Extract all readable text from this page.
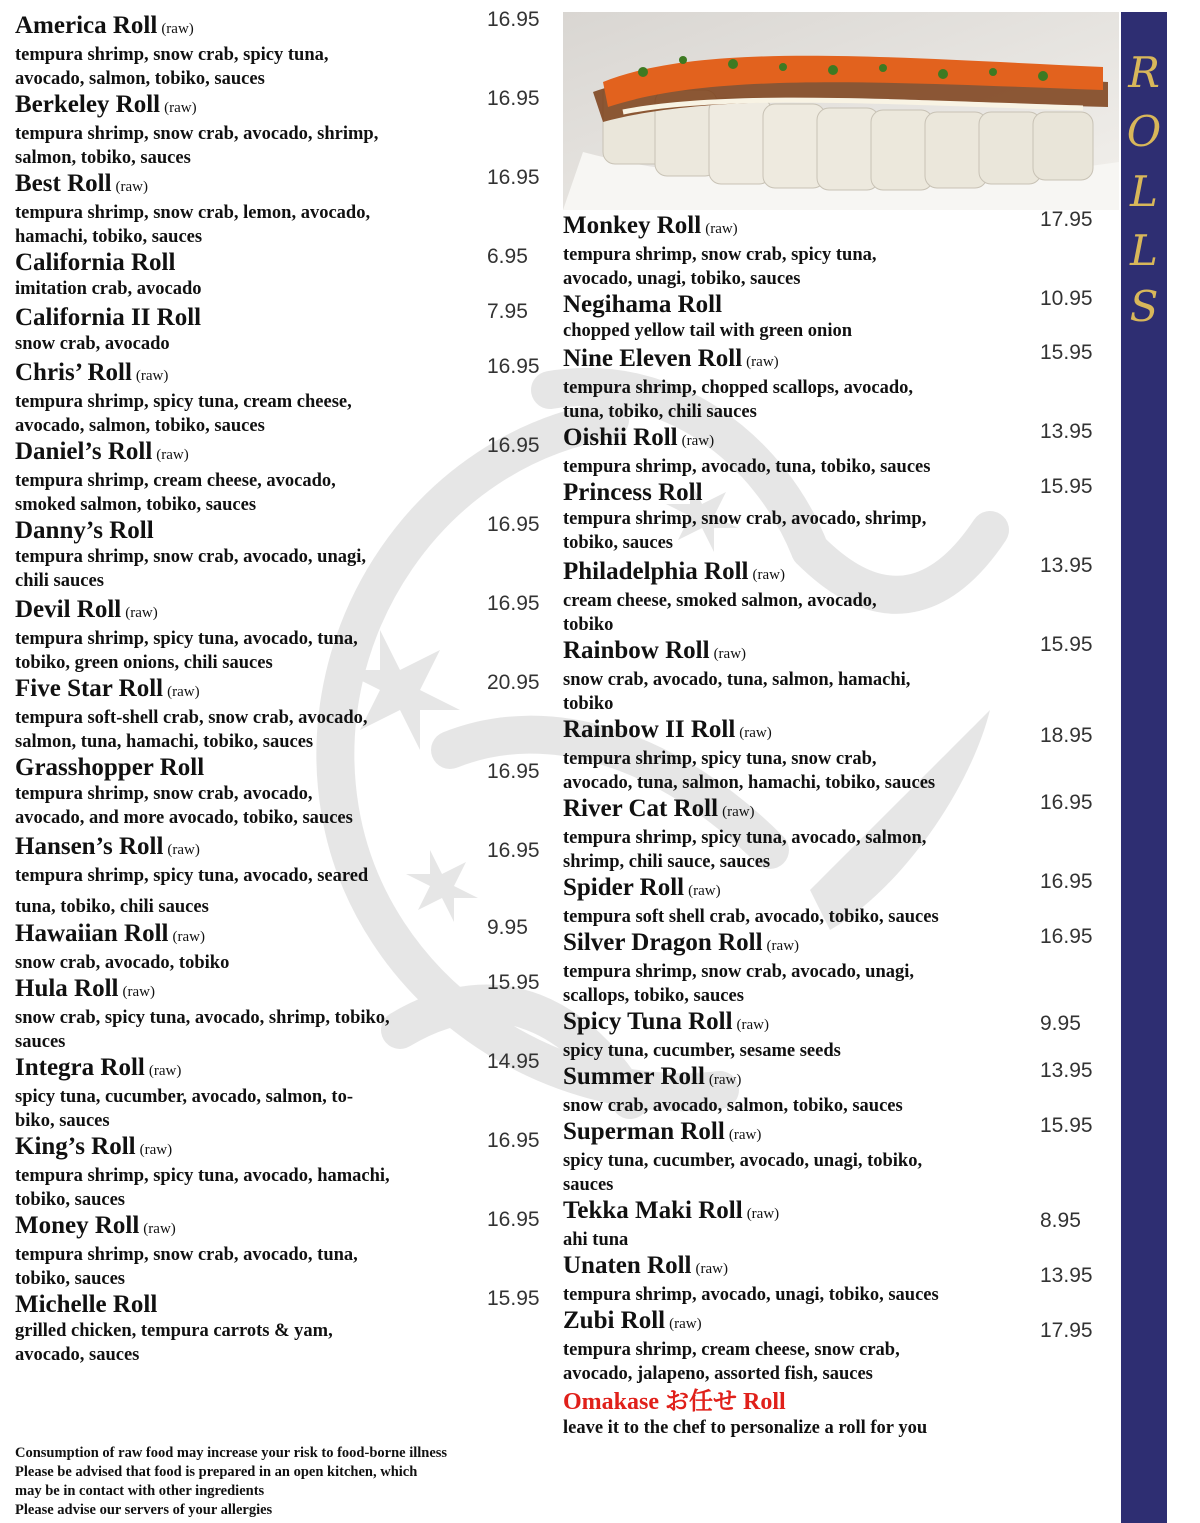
R
O
L
L
S
America Roll (raw)
tempura shrimp, snow crab, spicy tuna,
avocado, salmon, tobiko, sauces
16.95
Berkeley Roll (raw)
tempura shrimp, snow crab, avocado, shrimp,
salmon, tobiko, sauces
16.95
Best Roll (raw)
tempura shrimp, snow crab, lemon, avocado,
hamachi, tobiko, sauces
16.95
California Roll
imitation crab, avocado
6.95
California II Roll
snow crab, avocado
7.95
Chris’ Roll (raw)
tempura shrimp, spicy tuna, cream cheese,
avocado, salmon, tobiko, sauces
16.95
Daniel’s Roll (raw)
tempura shrimp, cream cheese, avocado,
smoked salmon, tobiko, sauces
16.95
Danny’s Roll
tempura shrimp, snow crab, avocado, unagi,
chili sauces
16.95
Devil Roll (raw)
tempura shrimp, spicy tuna, avocado, tuna,
tobiko, green onions, chili sauces
16.95
Five Star Roll (raw)
tempura soft-shell crab, snow crab, avocado,
salmon, tuna, hamachi, tobiko, sauces
20.95
Grasshopper Roll
tempura shrimp, snow crab, avocado,
avocado, and more avocado, tobiko, sauces
16.95
Hansen’s Roll (raw)
tempura shrimp, spicy tuna, avocado, seared
tuna, tobiko, chili sauces
16.95
Hawaiian Roll (raw)
snow crab, avocado, tobiko
9.95
Hula Roll (raw)
snow crab, spicy tuna, avocado, shrimp, tobiko,
sauces
15.95
Integra Roll (raw)
spicy tuna, cucumber, avocado, salmon, to-
biko, sauces
14.95
King’s Roll (raw)
tempura shrimp, spicy tuna, avocado, hamachi,
tobiko, sauces
16.95
Money Roll (raw)
tempura shrimp, snow crab, avocado, tuna,
tobiko, sauces
16.95
Michelle Roll
grilled chicken, tempura carrots & yam,
avocado, sauces
15.95
Monkey Roll (raw)
tempura shrimp, snow crab, spicy tuna,
avocado, unagi, tobiko, sauces
17.95
Negihama Roll
chopped yellow tail with green onion
10.95
Nine Eleven Roll (raw)
tempura shrimp, chopped scallops, avocado,
tuna, tobiko, chili sauces
15.95
Oishii Roll (raw)
tempura shrimp, avocado, tuna, tobiko, sauces
13.95
Princess Roll
tempura shrimp, snow crab, avocado, shrimp,
tobiko, sauces
15.95
Philadelphia Roll (raw)
cream cheese, smoked salmon, avocado,
tobiko
13.95
Rainbow Roll (raw)
snow crab, avocado, tuna, salmon, hamachi,
tobiko
15.95
Rainbow II Roll (raw)
tempura shrimp, spicy tuna, snow crab,
avocado, tuna, salmon, hamachi, tobiko, sauces
18.95
River Cat Roll (raw)
tempura shrimp, spicy tuna, avocado, salmon,
shrimp, chili sauce, sauces
16.95
Spider Roll (raw)
tempura soft shell crab, avocado, tobiko, sauces
16.95
Silver Dragon Roll (raw)
tempura shrimp, snow crab, avocado, unagi,
scallops, tobiko, sauces
16.95
Spicy Tuna Roll (raw)
spicy tuna, cucumber, sesame seeds
9.95
Summer Roll (raw)
snow crab, avocado, salmon, tobiko, sauces
13.95
Superman Roll (raw)
spicy tuna, cucumber, avocado, unagi, tobiko,
sauces
15.95
Tekka Maki Roll (raw)
ahi tuna
8.95
Unaten Roll (raw)
tempura shrimp, avocado, unagi, tobiko, sauces
13.95
Zubi Roll (raw)
tempura shrimp, cream cheese, snow crab,
avocado, jalapeno, assorted fish, sauces
17.95
Omakase お任せ Roll
leave it to the chef to personalize a roll for you
Consumption of raw food may increase your risk to food-borne illness
Please be advised that food is prepared in an open kitchen, which
may be in contact with other ingredients
Please advise our servers of your allergies
